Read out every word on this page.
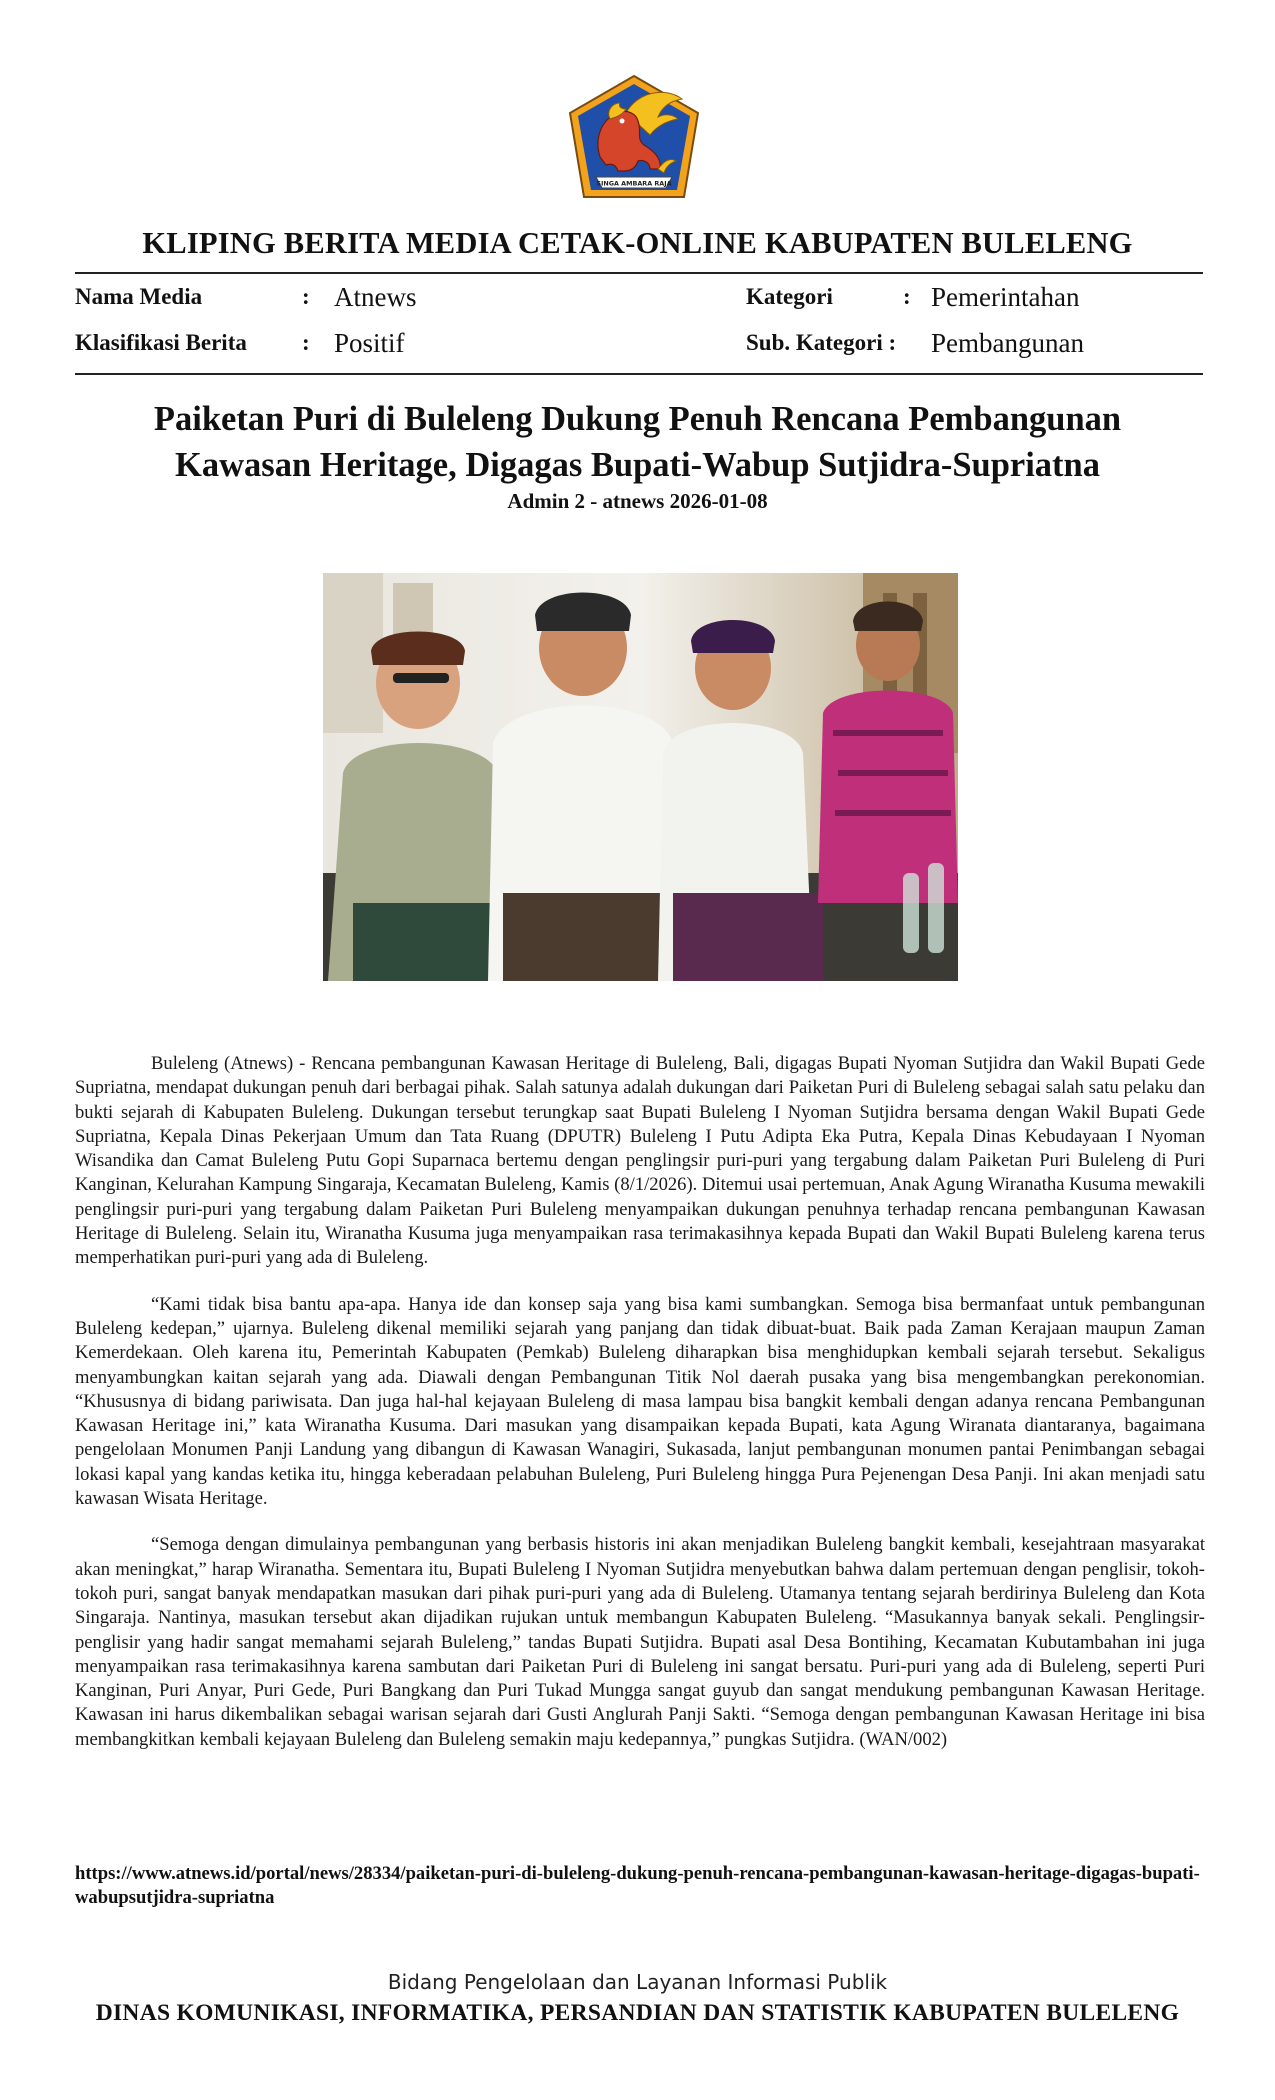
SINGA AMBARA RAJA
KLIPING BERITA MEDIA CETAK-ONLINE KABUPATEN BULELENG
Nama Media	: Atnews
Klasifikasi Berita : Positif
Kategori	: Pemerintahan
Sub. Kategori : Pembangunan
Paiketan Puri di Buleleng Dukung Penuh Rencana Pembangunan
Kawasan Heritage, Digagas Bupati-Wabup Sutjidra-Supriatna
Admin 2 - atnews 2026-01-08

Buleleng (Atnews) - Rencana pembangunan Kawasan Heritage di Buleleng, Bali, digagas Bupati Nyoman Sutjidra dan Wakil Bupati Gede Supriatna, mendapat dukungan penuh dari berbagai pihak. Salah satunya adalah dukungan dari Paiketan Puri di Buleleng sebagai salah satu pelaku dan bukti sejarah di Kabupaten Buleleng. Dukungan tersebut terungkap saat Bupati Buleleng I Nyoman Sutjidra bersama dengan Wakil Bupati Gede Supriatna, Kepala Dinas Pekerjaan Umum dan Tata Ruang (DPUTR) Buleleng I Putu Adipta Eka Putra, Kepala Dinas Kebudayaan I Nyoman Wisandika dan Camat Buleleng Putu Gopi Suparnaca bertemu dengan penglingsir puri-puri yang tergabung dalam Paiketan Puri Buleleng di Puri Kanginan, Kelurahan Kampung Singaraja, Kecamatan Buleleng, Kamis (8/1/2026). Ditemui usai pertemuan, Anak Agung Wiranatha Kusuma mewakili penglingsir puri-puri yang tergabung dalam Paiketan Puri Buleleng menyampaikan dukungan penuhnya terhadap rencana pembangunan Kawasan Heritage di Buleleng. Selain itu, Wiranatha Kusuma juga menyampaikan rasa terimakasihnya kepada Bupati dan Wakil Bupati Buleleng karena terus memperhatikan puri-puri yang ada di Buleleng.

“Kami tidak bisa bantu apa-apa. Hanya ide dan konsep saja yang bisa kami sumbangkan. Semoga bisa bermanfaat untuk pembangunan Buleleng kedepan,” ujarnya. Buleleng dikenal memiliki sejarah yang panjang dan tidak dibuat-buat. Baik pada Zaman Kerajaan maupun Zaman Kemerdekaan. Oleh karena itu, Pemerintah Kabupaten (Pemkab) Buleleng diharapkan bisa menghidupkan kembali sejarah tersebut. Sekaligus menyambungkan kaitan sejarah yang ada. Diawali dengan Pembangunan Titik Nol daerah pusaka yang bisa mengembangkan perekonomian. “Khususnya di bidang pariwisata. Dan juga hal-hal kejayaan Buleleng di masa lampau bisa bangkit kembali dengan adanya rencana Pembangunan Kawasan Heritage ini,” kata Wiranatha Kusuma. Dari masukan yang disampaikan kepada Bupati, kata Agung Wiranata diantaranya, bagaimana pengelolaan Monumen Panji Landung yang dibangun di Kawasan Wanagiri, Sukasada, lanjut pembangunan monumen pantai Penimbangan sebagai lokasi kapal yang kandas ketika itu, hingga keberadaan pelabuhan Buleleng, Puri Buleleng hingga Pura Pejenengan Desa Panji. Ini akan menjadi satu kawasan Wisata Heritage.

“Semoga dengan dimulainya pembangunan yang berbasis historis ini akan menjadikan Buleleng bangkit kembali, kesejahtraan masyarakat akan meningkat,” harap Wiranatha. Sementara itu, Bupati Buleleng I Nyoman Sutjidra menyebutkan bahwa dalam pertemuan dengan penglisir, tokoh-tokoh puri, sangat banyak mendapatkan masukan dari pihak puri-puri yang ada di Buleleng. Utamanya tentang sejarah berdirinya Buleleng dan Kota Singaraja. Nantinya, masukan tersebut akan dijadikan rujukan untuk membangun Kabupaten Buleleng. “Masukannya banyak sekali. Penglingsir-penglisir yang hadir sangat memahami sejarah Buleleng,” tandas Bupati Sutjidra. Bupati asal Desa Bontihing, Kecamatan Kubutambahan ini juga menyampaikan rasa terimakasihnya karena sambutan dari Paiketan Puri di Buleleng ini sangat bersatu. Puri-puri yang ada di Buleleng, seperti Puri Kanginan, Puri Anyar, Puri Gede, Puri Bangkang dan Puri Tukad Mungga sangat guyub dan sangat mendukung pembangunan Kawasan Heritage. Kawasan ini harus dikembalikan sebagai warisan sejarah dari Gusti Anglurah Panji Sakti. “Semoga dengan pembangunan Kawasan Heritage ini bisa membangkitkan kembali kejayaan Buleleng dan Buleleng semakin maju kedepannya,” pungkas Sutjidra. (WAN/002)

https://www.atnews.id/portal/news/28334/paiketan-puri-di-buleleng-dukung-penuh-rencana-pembangunan-kawasan-heritage-digagas-bupati-wabupsutjidra-supriatna
Bidang Pengelolaan dan Layanan Informasi Publik
DINAS KOMUNIKASI, INFORMATIKA, PERSANDIAN DAN STATISTIK KABUPATEN BULELENG
